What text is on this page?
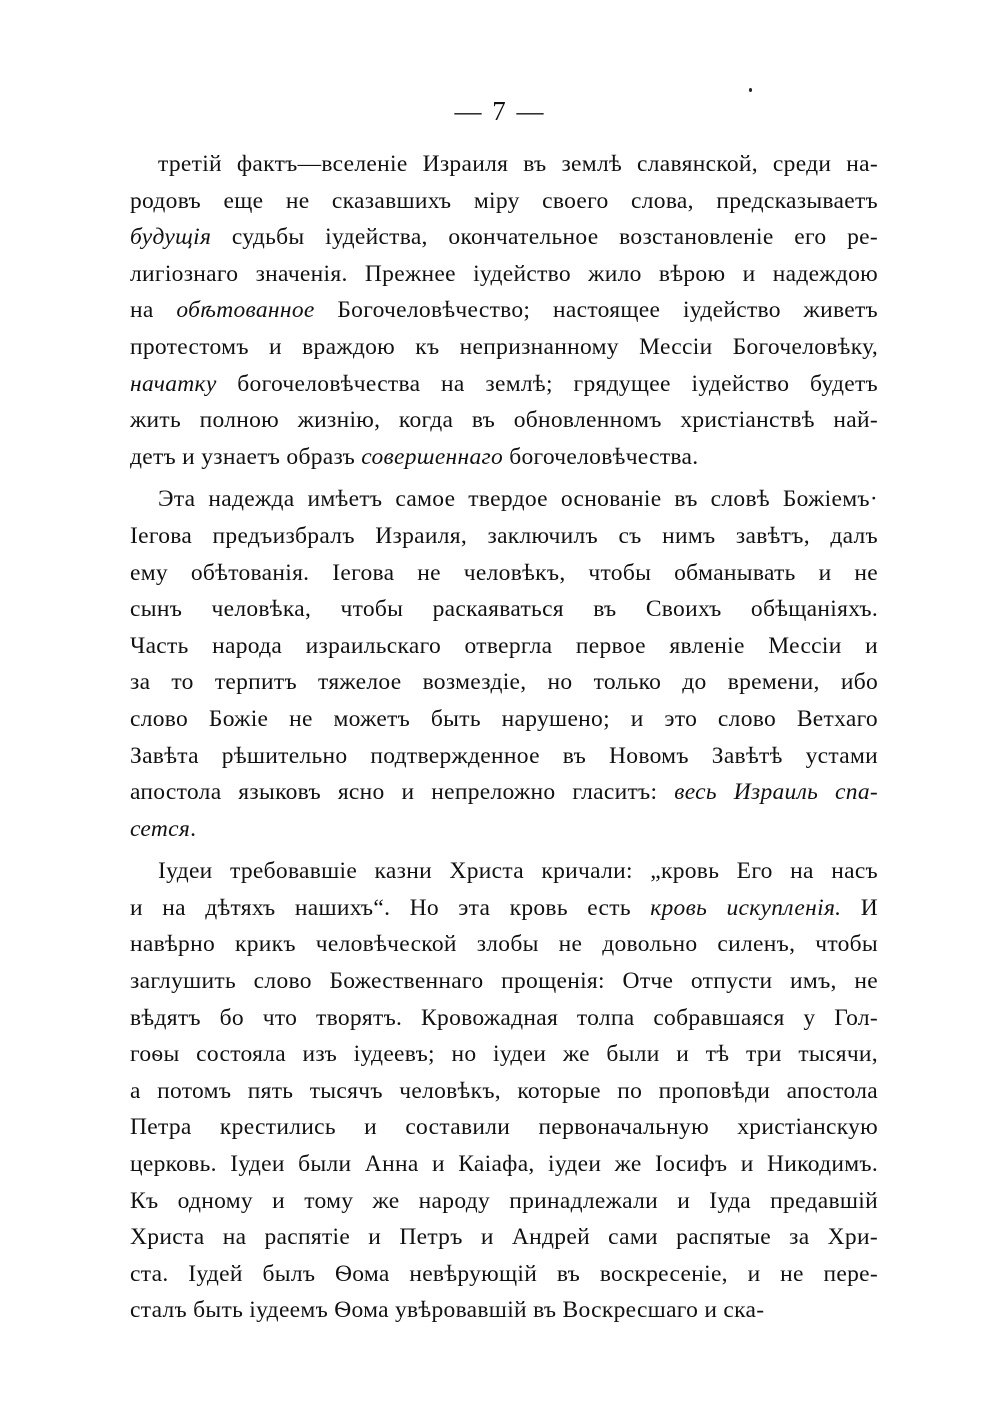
— 7 —
третій фактъ—вселеніе Израиля въ землѣ славянской, среди на-
родовъ еще не сказавшихъ міру своего слова, предсказываетъ
будущія судьбы іудейства, окончательное возстановленіе его ре-
лигіознаго значенія. Прежнее іудейство жило вѣрою и надеждою
на обѣтованное Богочеловѣчество; настоящее іудейство живетъ
протестомъ и враждою къ непризнанному Мессіи Богочеловѣку,
начатку богочеловѣчества на землѣ; грядущее іудейство будетъ
жить полною жизнію, когда въ обновленномъ христіанствѣ най-
детъ и узнаетъ образъ совершеннаго богочеловѣчества.
Эта надежда имѣетъ самое твердое основаніе въ словѣ Божіемъ·
Іегова предъизбралъ Израиля, заключилъ съ нимъ завѣтъ, далъ
ему обѣтованія. Іегова не человѣкъ, чтобы обманывать и не
сынъ человѣка, чтобы раскаяваться въ Своихъ обѣщаніяхъ.
Часть народа израильскаго отвергла первое явленіе Мессіи и
за то терпитъ тяжелое возмездіе, но только до времени, ибо
слово Божіе не можетъ быть нарушено; и это слово Ветхаго
Завѣта рѣшительно подтвержденное въ Новомъ Завѣтѣ устами
апостола языковъ ясно и непреложно гласитъ: весь Израиль спа-
сется.
Іудеи требовавшіе казни Христа кричали: „кровь Его на насъ
и на дѣтяхъ нашихъ“. Но эта кровь есть кровь искупленія. И
навѣрно крикъ человѣческой злобы не довольно силенъ, чтобы
заглушить слово Божественнаго прощенія: Отче отпусти имъ, не
вѣдятъ бо что творятъ. Кровожадная толпа собравшаяся у Гол-
гоѳы состояла изъ іудеевъ; но іудеи же были и тѣ три тысячи,
а потомъ пять тысячъ человѣкъ, которые по проповѣди апостола
Петра крестились и составили первоначальную христіанскую
церковь. Іудеи были Анна и Каіафа, іудеи же Іосифъ и Никодимъ.
Къ одному и тому же народу принадлежали и Іуда предавшій
Христа на распятіе и Петръ и Андрей сами распятые за Хри-
ста. Іудей былъ Ѳома невѣрующій въ воскресеніе, и не пере-
сталъ быть іудеемъ Ѳома увѣровавшій въ Воскресшаго и ска-
